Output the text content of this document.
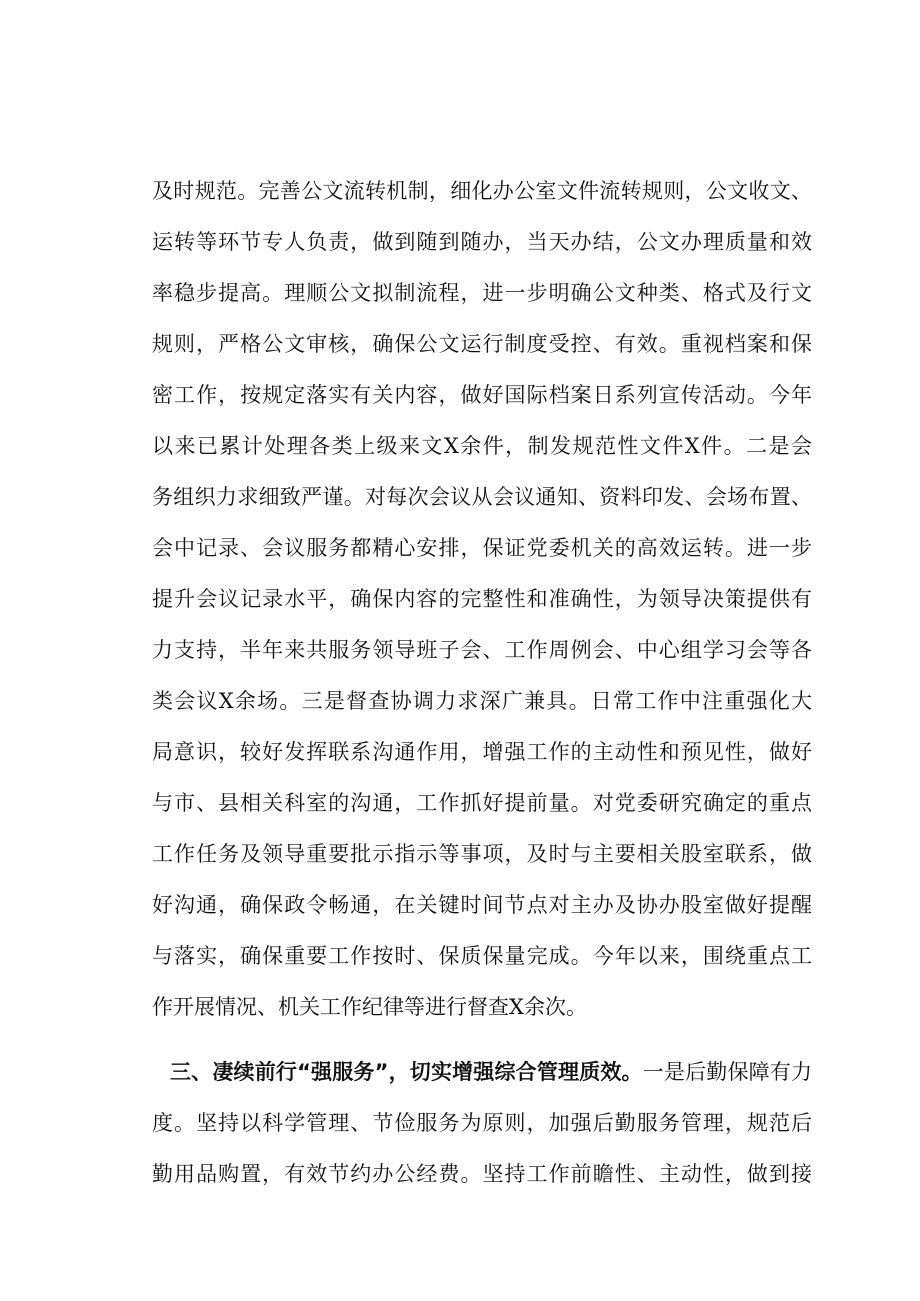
及时规范。完善公文流转机制，细化办公室文件流转规则，公文收文、
运转等环节专人负责，做到随到随办，当天办结，公文办理质量和效
率稳步提高。理顺公文拟制流程，进一步明确公文种类、格式及行文
规则，严格公文审核，确保公文运行制度受控、有效。重视档案和保
密工作，按规定落实有关内容，做好国际档案日系列宣传活动。今年
以来已累计处理各类上级来文X余件，制发规范性文件X件。二是会
务组织力求细致严谨。对每次会议从会议通知、资料印发、会场布置、
会中记录、会议服务都精心安排，保证党委机关的高效运转。进一步
提升会议记录水平，确保内容的完整性和准确性，为领导决策提供有
力支持，半年来共服务领导班子会、工作周例会、中心组学习会等各
类会议X余场。三是督查协调力求深广兼具。日常工作中注重强化大
局意识，较好发挥联系沟通作用，增强工作的主动性和预见性，做好
与市、县相关科室的沟通，工作抓好提前量。对党委研究确定的重点
工作任务及领导重要批示指示等事项，及时与主要相关股室联系，做
好沟通，确保政令畅通，在关键时间节点对主办及协办股室做好提醒
与落实，确保重要工作按时、保质保量完成。今年以来，围绕重点工
作开展情况、机关工作纪律等进行督查X余次。
三、凄续前行“强服务”，切实增强综合管理质效。一是后勤保障有力
度。坚持以科学管理、节俭服务为原则，加强后勤服务管理，规范后
勤用品购置，有效节约办公经费。坚持工作前瞻性、主动性，做到接
